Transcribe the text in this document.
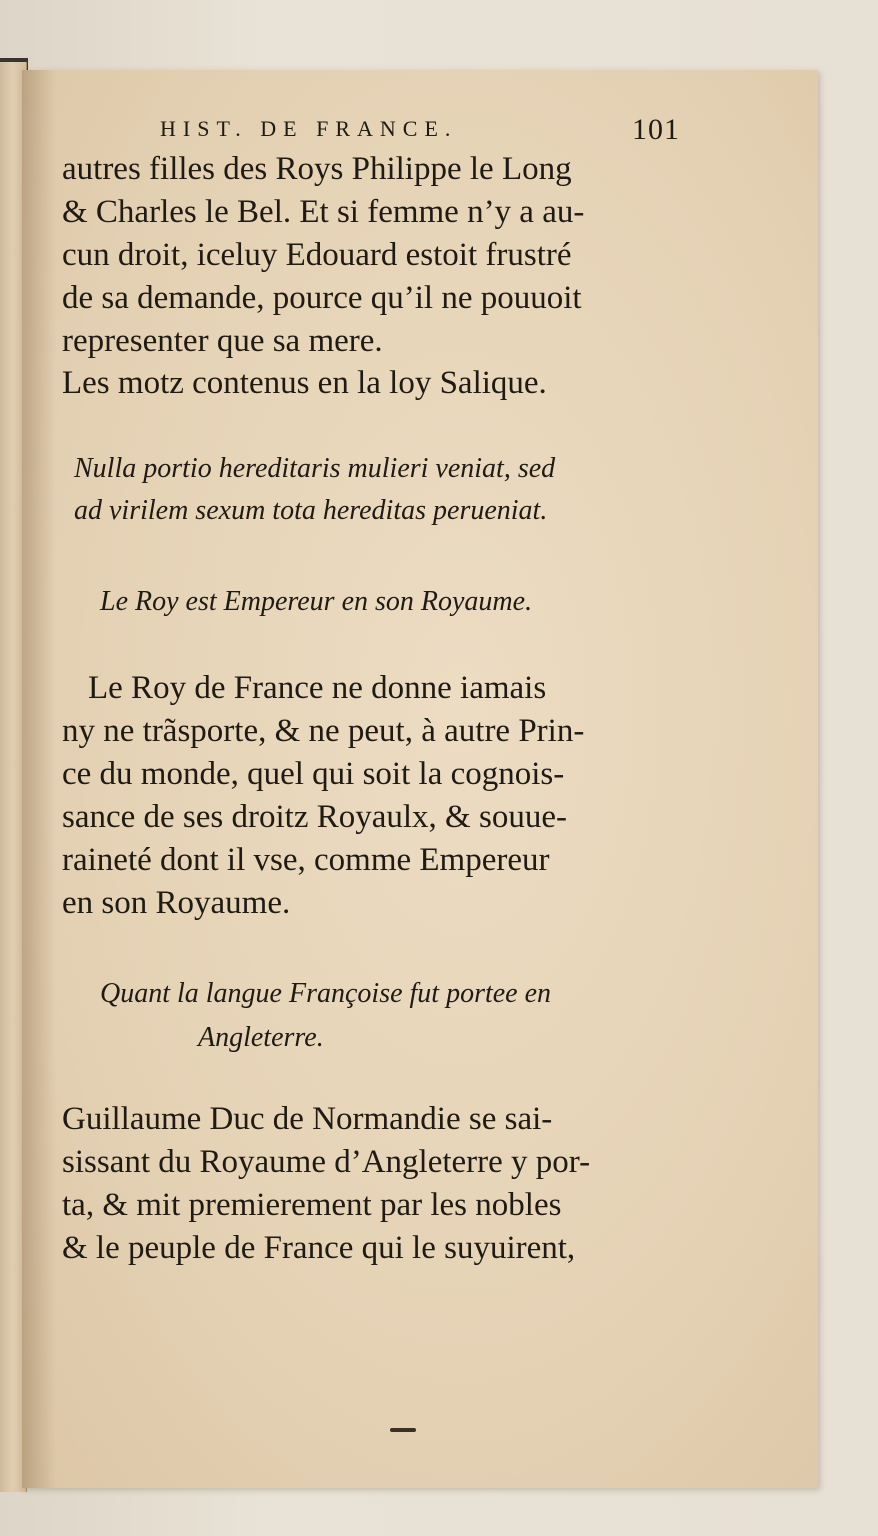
HIST. DE FRANCE.	101
autres filles des Roys Philippe le Long
& Charles le Bel. Et si femme n’y a au-
cun droit, iceluy Edouard estoit frustré
de sa demande, pource qu’il ne pouuoit
representer que sa mere.
Les motz contenus en la loy Salique.
Nulla portio hereditaris mulieri veniat, sed
ad virilem sexum tota hereditas perueniat.
Le Roy est Empereur en son Royaume.
Le Roy de France ne donne iamais
ny ne trãsporte, & ne peut, à autre Prin-
ce du monde, quel qui soit la cognois-
sance de ses droitz Royaulx, & souue-
raineté dont il vse, comme Empereur
en son Royaume.
Quant la langue Françoise fut portee en
Angleterre.
Guillaume Duc de Normandie se sai-
sissant du Royaume d’Angleterre y por-
ta, & mit premierement par les nobles
& le peuple de France qui le suyuirent,
